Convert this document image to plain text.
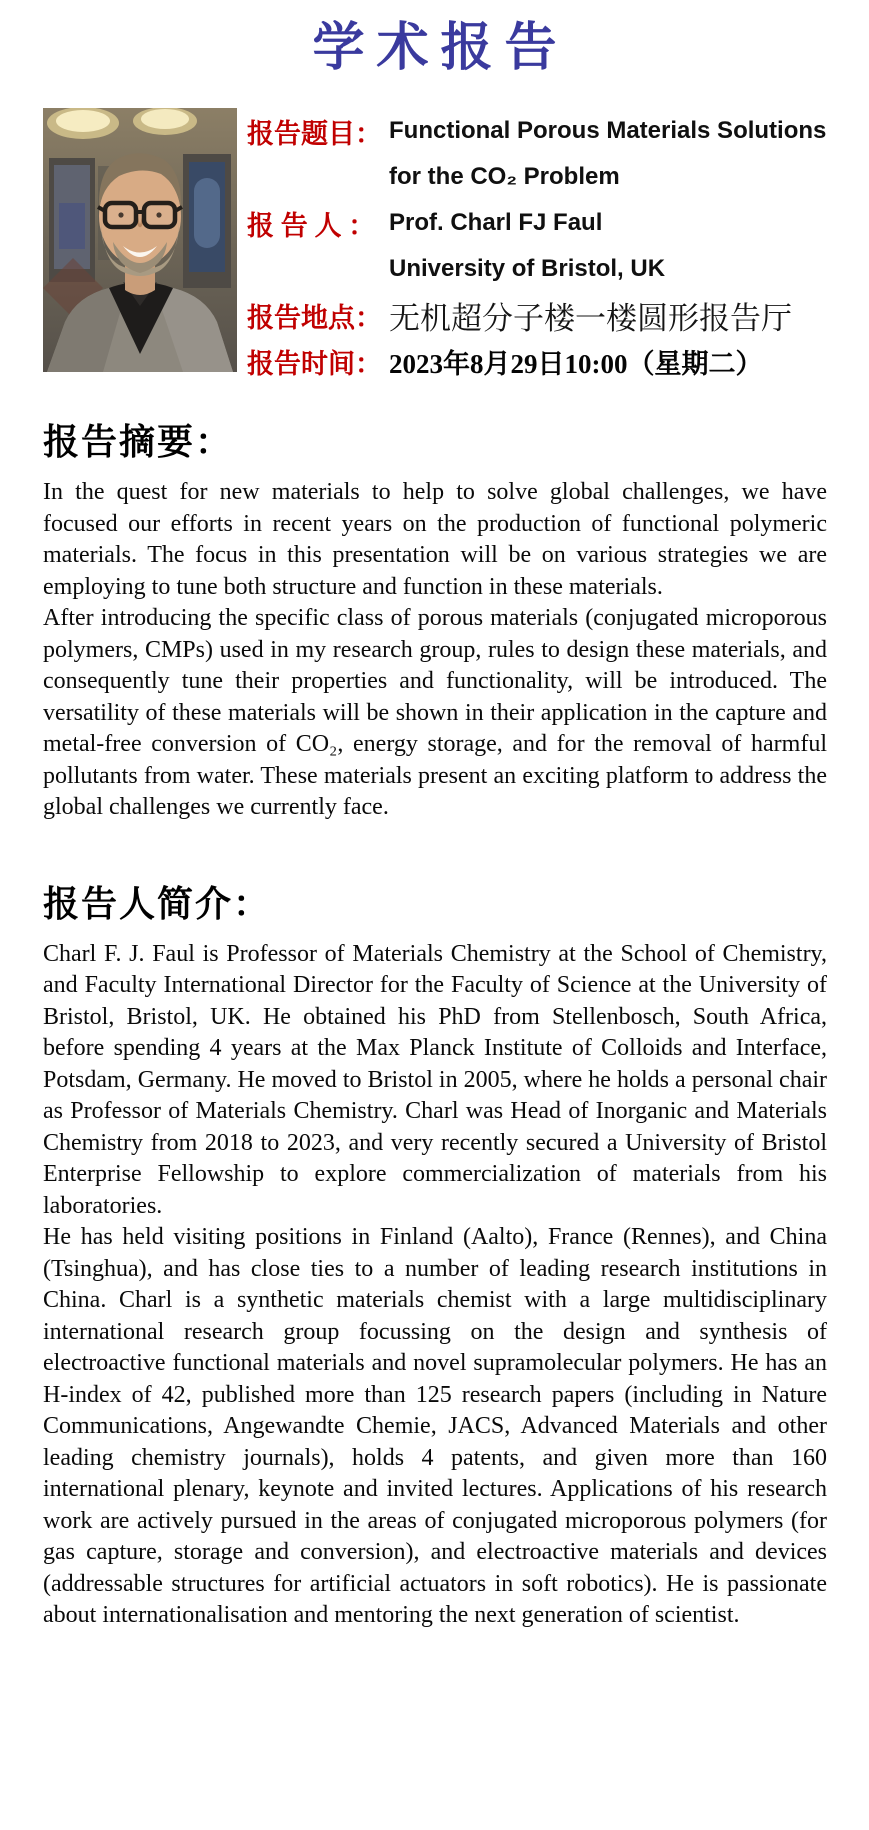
学术报告
报告题目： Functional Porous Materials Solutions
for the CO₂ Problem
报 告 人 ： Prof. Charl FJ Faul
University of Bristol, UK
报告地点： 无机超分子楼一楼圆形报告厅
报告时间： 2023年8月29日10:00（星期二）
报告摘要：

In the quest for new materials to help to solve global challenges, we have focused our efforts in recent years on the production of functional polymeric materials. The focus in this presentation will be on various strategies we are employing to tune both structure and function in these materials.

After introducing the specific class of porous materials (conjugated microporous polymers, CMPs) used in my research group, rules to design these materials, and consequently tune their properties and functionality, will be introduced. The versatility of these materials will be shown in their application in the capture and metal-free conversion of CO₂, energy storage, and for the removal of harmful pollutants from water. These materials present an exciting platform to address the global challenges we currently face.

报告人简介：

Charl F. J. Faul is Professor of Materials Chemistry at the School of Chemistry, and Faculty International Director for the Faculty of Science at the University of Bristol, Bristol, UK. He obtained his PhD from Stellenbosch, South Africa, before spending 4 years at the Max Planck Institute of Colloids and Interface, Potsdam, Germany. He moved to Bristol in 2005, where he holds a personal chair as Professor of Materials Chemistry. Charl was Head of Inorganic and Materials Chemistry from 2018 to 2023, and very recently secured a University of Bristol Enterprise Fellowship to explore commercialization of materials from his laboratories.

He has held visiting positions in Finland (Aalto), France (Rennes), and China (Tsinghua), and has close ties to a number of leading research institutions in China. Charl is a synthetic materials chemist with a large multidisciplinary international research group focussing on the design and synthesis of electroactive functional materials and novel supramolecular polymers. He has an H-index of 42, published more than 125 research papers (including in Nature Communications, Angewandte Chemie, JACS, Advanced Materials and other leading chemistry journals), holds 4 patents, and given more than 160 international plenary, keynote and invited lectures. Applications of his research work are actively pursued in the areas of conjugated microporous polymers (for gas capture, storage and conversion), and electroactive materials and devices (addressable structures for artificial actuators in soft robotics). He is passionate about internationalisation and mentoring the next generation of scientist.
